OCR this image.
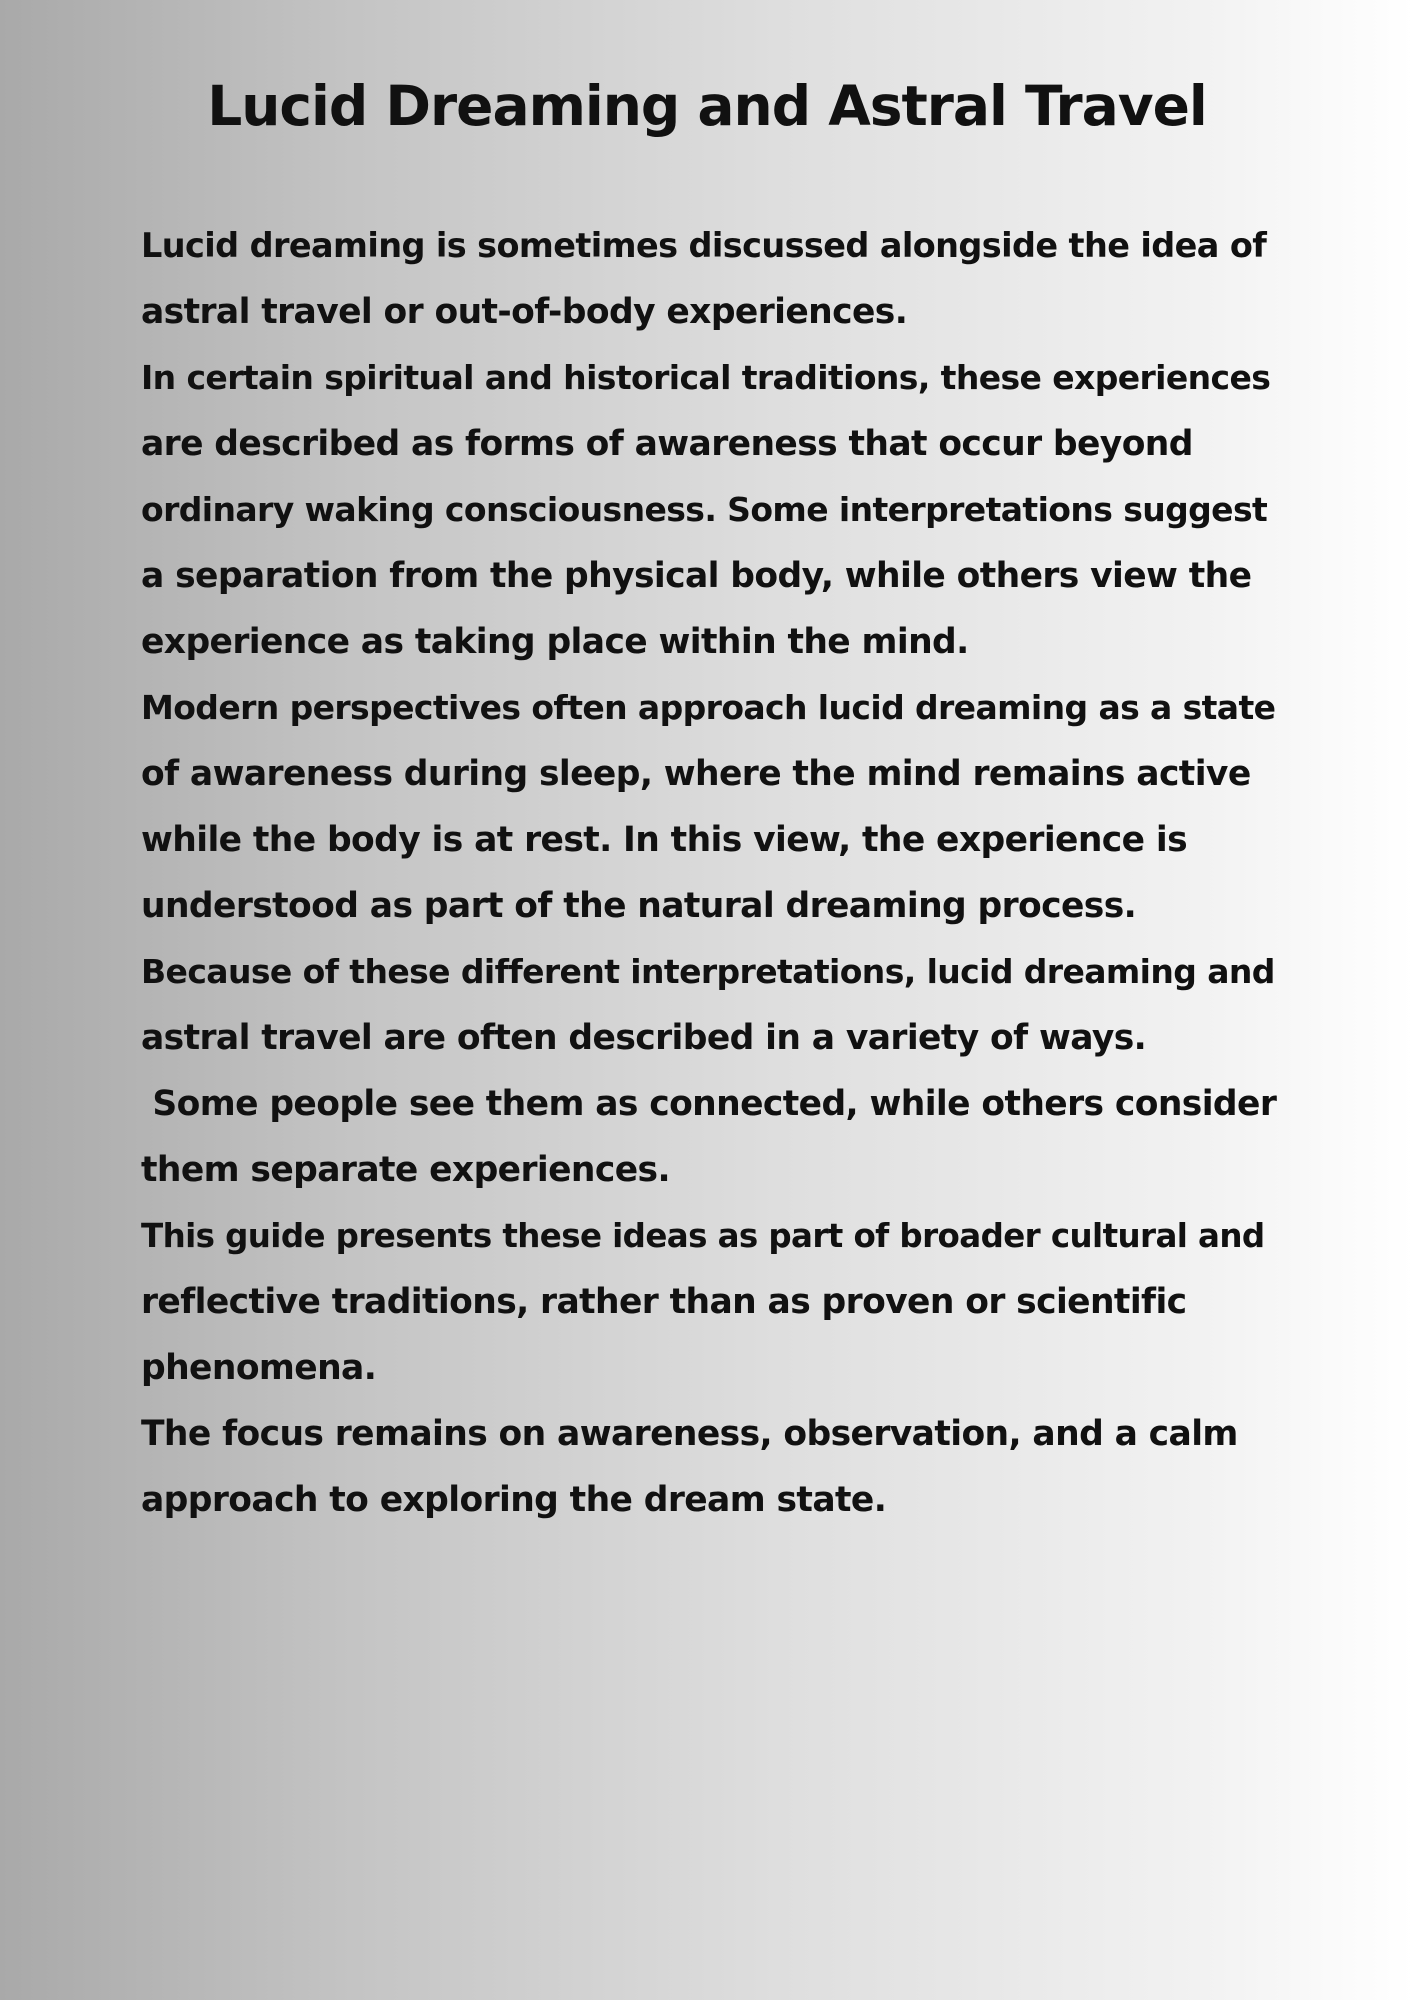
Lucid Dreaming and Astral Travel
Lucid dreaming is sometimes discussed alongside the idea of
astral travel or out-of-body experiences.
In certain spiritual and historical traditions, these experiences
are described as forms of awareness that occur beyond
ordinary waking consciousness. Some interpretations suggest
a separation from the physical body, while others view the
experience as taking place within the mind.
Modern perspectives often approach lucid dreaming as a state
of awareness during sleep, where the mind remains active
while the body is at rest. In this view, the experience is
understood as part of the natural dreaming process.
Because of these different interpretations, lucid dreaming and
astral travel are often described in a variety of ways.
Some people see them as connected, while others consider
them separate experiences.
This guide presents these ideas as part of broader cultural and
reflective traditions, rather than as proven or scientific
phenomena.
The focus remains on awareness, observation, and a calm
approach to exploring the dream state.
